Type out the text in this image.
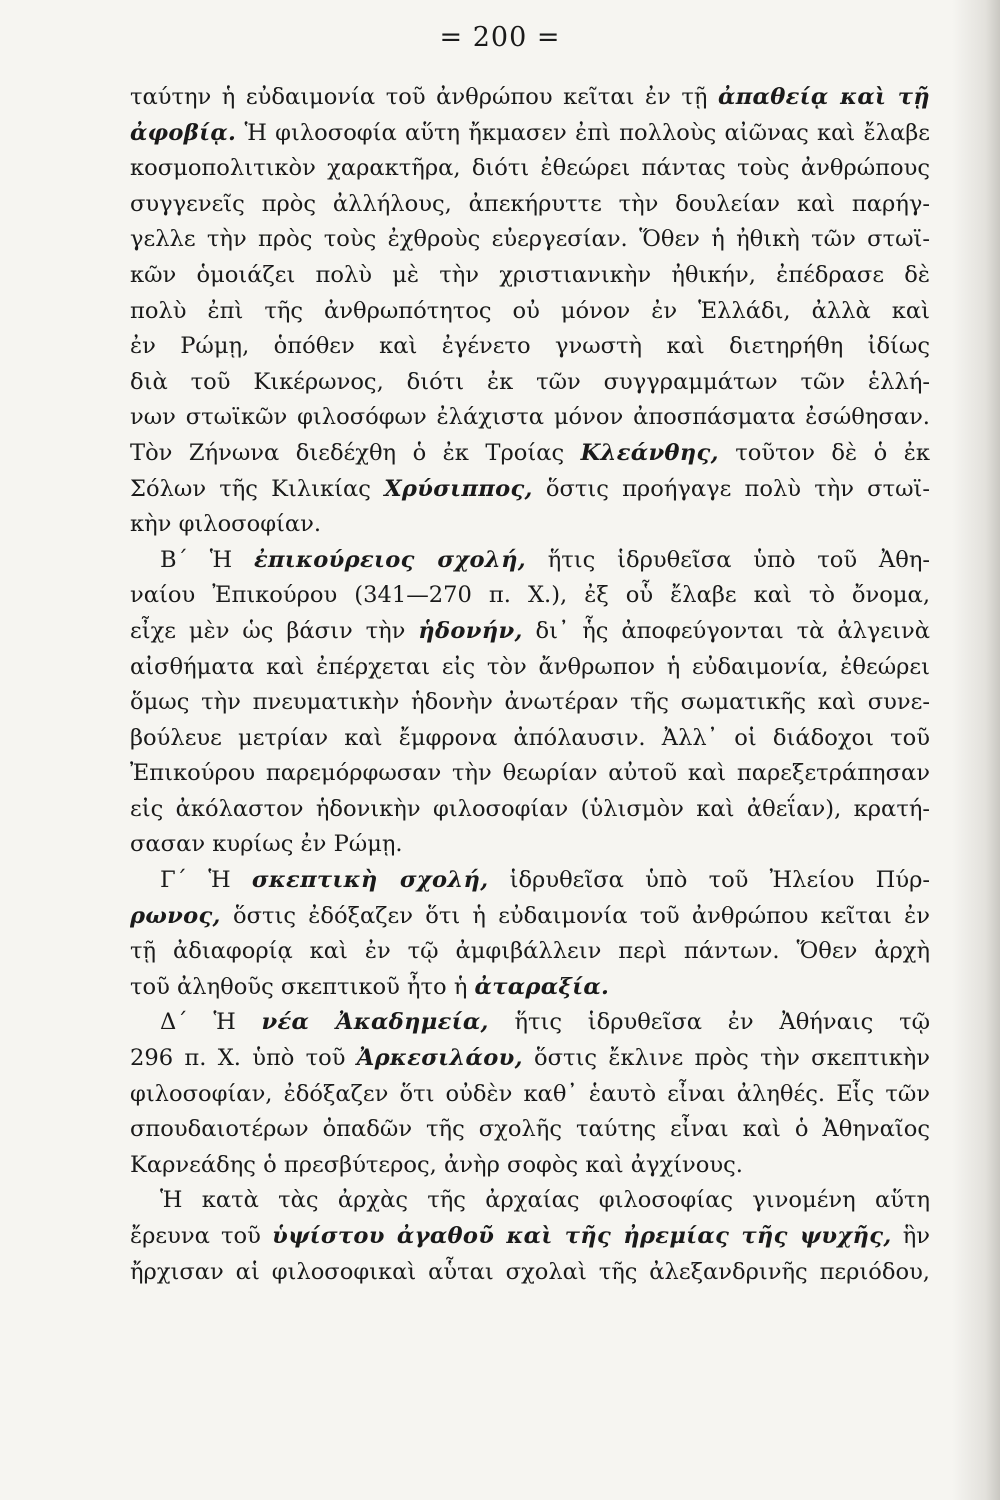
= 200 =
ταύτην ἡ εὐδαιμονία τοῦ ἀνθρώπου κεῖται ἐν τῇ ἀπαθείᾳ καὶ τῇ
ἀφοβίᾳ. Ἡ φιλοσοφία αὕτη ἤκμασεν ἐπὶ πολλοὺς αἰῶνας καὶ ἔλαβε
κοσμοπολιτικὸν χαρακτῆρα, διότι ἐθεώρει πάντας τοὺς ἀνθρώπους
συγγενεῖς πρὸς ἀλλήλους, ἀπεκήρυττε τὴν δουλείαν καὶ παρήγ-
γελλε τὴν πρὸς τοὺς ἐχθροὺς εὐεργεσίαν. Ὅθεν ἡ ἠθικὴ τῶν στωϊ-
κῶν ὁμοιάζει πολὺ μὲ τὴν χριστιανικὴν ἠθικήν, ἐπέδρασε δὲ
πολὺ ἐπὶ τῆς ἀνθρωπότητος οὐ μόνον ἐν Ἑλλάδι, ἀλλὰ καὶ
ἐν Ρώμῃ, ὁπόθεν καὶ ἐγένετο γνωστὴ καὶ διετηρήθη ἰδίως
διὰ τοῦ Κικέρωνος, διότι ἐκ τῶν συγγραμμάτων τῶν ἑλλή-
νων στωϊκῶν φιλοσόφων ἐλάχιστα μόνον ἀποσπάσματα ἐσώθησαν.
Τὸν Ζήνωνα διεδέχθη ὁ ἐκ Τροίας Κλεάνθης, τοῦτον δὲ ὁ ἐκ
Σόλων τῆς Κιλικίας Χρύσιππος, ὅστις προήγαγε πολὺ τὴν στωϊ-
κὴν φιλοσοφίαν.
Β΄ Ἡ ἐπικούρειος σχολή, ἥτις ἱδρυθεῖσα ὑπὸ τοῦ Ἀθη-
ναίου Ἐπικούρου (341—270 π. Χ.), ἐξ οὗ ἔλαβε καὶ τὸ ὄνομα,
εἶχε μὲν ὡς βάσιν τὴν ἡδονήν, δι᾽ ἧς ἀποφεύγονται τὰ ἀλγεινὰ
αἰσθήματα καὶ ἐπέρχεται εἰς τὸν ἄνθρωπον ἡ εὐδαιμονία, ἐθεώρει
ὅμως τὴν πνευματικὴν ἡδονὴν ἀνωτέραν τῆς σωματικῆς καὶ συνε-
βούλευε μετρίαν καὶ ἔμφρονα ἀπόλαυσιν. Ἀλλ᾽ οἱ διάδοχοι τοῦ
Ἐπικούρου παρεμόρφωσαν τὴν θεωρίαν αὐτοῦ καὶ παρεξετράπησαν
εἰς ἀκόλαστον ἡδονικὴν φιλοσοφίαν (ὑλισμὸν καὶ ἀθεΐαν), κρατή-
σασαν κυρίως ἐν Ρώμῃ.
Γ΄ Ἡ σκεπτικὴ σχολή, ἱδρυθεῖσα ὑπὸ τοῦ Ἠλείου Πύρ-
ρωνος, ὅστις ἐδόξαζεν ὅτι ἡ εὐδαιμονία τοῦ ἀνθρώπου κεῖται ἐν
τῇ ἀδιαφορίᾳ καὶ ἐν τῷ ἀμφιβάλλειν περὶ πάντων. Ὅθεν ἀρχὴ
τοῦ ἀληθοῦς σκεπτικοῦ ἦτο ἡ ἀταραξία.
Δ΄ Ἡ νέα Ἀκαδημεία, ἥτις ἱδρυθεῖσα ἐν Ἀθήναις τῷ
296 π. Χ. ὑπὸ τοῦ Ἀρκεσιλάου, ὅστις ἔκλινε πρὸς τὴν σκεπτικὴν
φιλοσοφίαν, ἐδόξαζεν ὅτι οὐδὲν καθ᾽ ἑαυτὸ εἶναι ἀληθές. Εἷς τῶν
σπουδαιοτέρων ὀπαδῶν τῆς σχολῆς ταύτης εἶναι καὶ ὁ Ἀθηναῖος
Καρνεάδης ὁ πρεσβύτερος, ἀνὴρ σοφὸς καὶ ἀγχίνους.
Ἡ κατὰ τὰς ἀρχὰς τῆς ἀρχαίας φιλοσοφίας γινομένη αὕτη
ἔρευνα τοῦ ὑψίστου ἀγαθοῦ καὶ τῆς ἠρεμίας τῆς ψυχῆς, ἣν
ἤρχισαν αἱ φιλοσοφικαὶ αὗται σχολαὶ τῆς ἀλεξανδρινῆς περιόδου,
